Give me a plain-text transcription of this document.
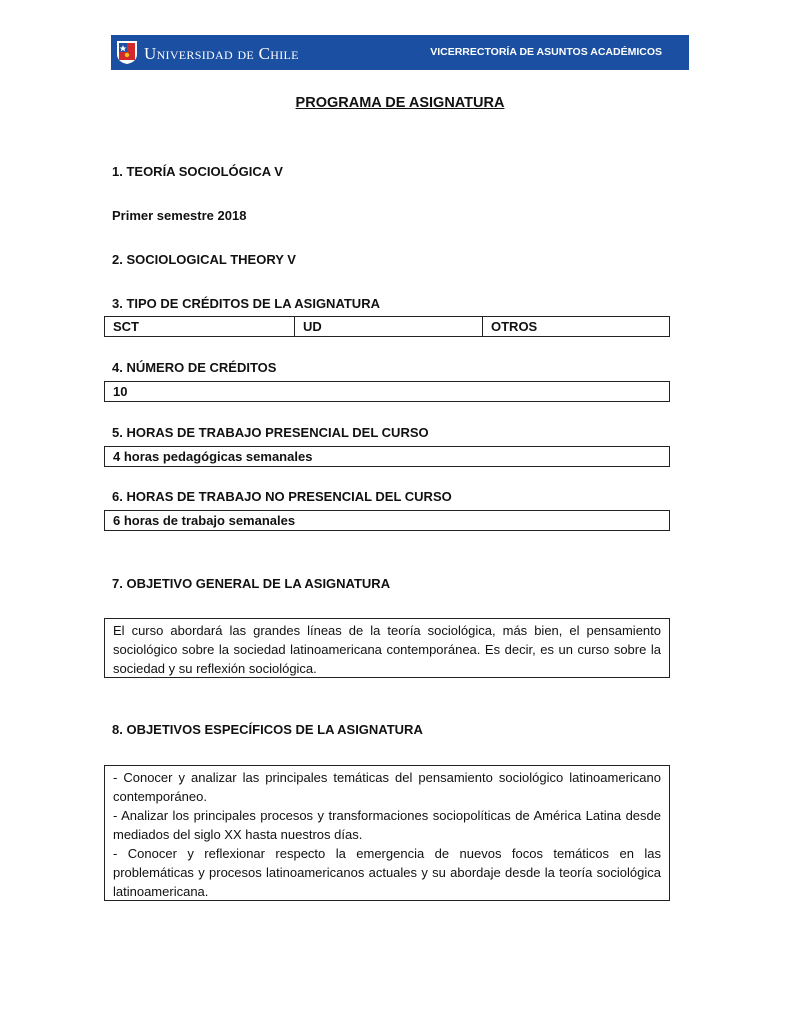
Universidad de Chile	VICERRECTORÍA DE ASUNTOS ACADÉMICOS
PROGRAMA DE ASIGNATURA
1. TEORÍA SOCIOLÓGICA V
Primer semestre 2018
2. SOCIOLOGICAL THEORY V
3. TIPO DE CRÉDITOS DE LA ASIGNATURA
SCT	UD	OTROS
4. NÚMERO DE CRÉDITOS
10
5. HORAS DE TRABAJO PRESENCIAL DEL CURSO
4 horas pedagógicas semanales
6. HORAS DE TRABAJO NO PRESENCIAL DEL CURSO
6 horas de trabajo semanales
7. OBJETIVO GENERAL DE LA ASIGNATURA
El curso abordará las grandes líneas de la teoría sociológica, más bien, el pensamiento sociológico sobre la sociedad latinoamericana contemporánea. Es decir, es un curso sobre la sociedad y su reflexión sociológica.
8. OBJETIVOS ESPECÍFICOS DE LA ASIGNATURA
- Conocer y analizar las principales temáticas del pensamiento sociológico latinoamericano contemporáneo.
- Analizar los principales procesos y transformaciones sociopolíticas de América Latina desde mediados del siglo XX hasta nuestros días.
- Conocer y reflexionar respecto la emergencia de nuevos focos temáticos en las problemáticas y procesos latinoamericanos actuales y su abordaje desde la teoría sociológica latinoamericana.
